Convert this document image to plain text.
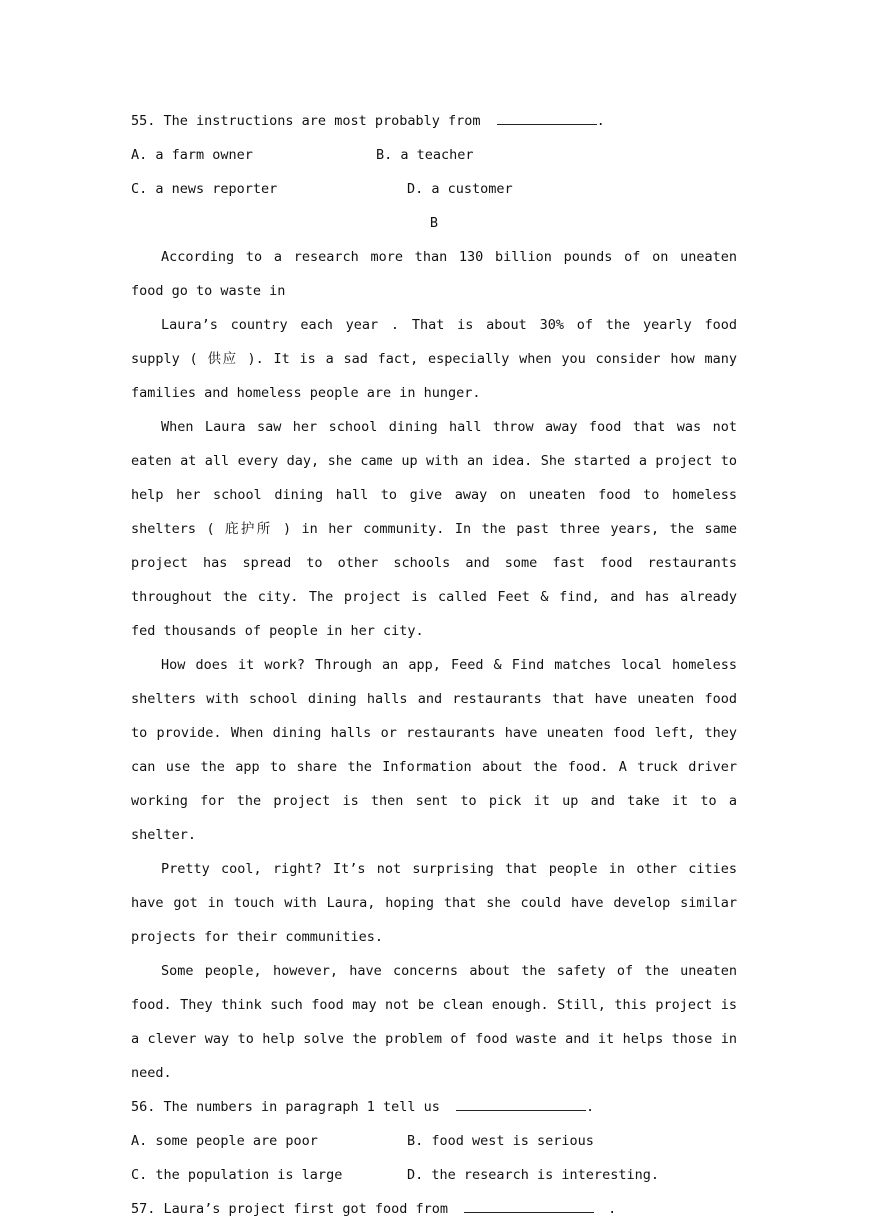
55. The instructions are most probably from	.
A. a farm owner	B. a teacher
C. a news reporter	D. a customer
B
According to a research more than 130 billion pounds of on uneaten food go to waste in
Laura’s country each year . That is about 30% of the yearly food supply ( 供应 ). It is a sad fact, especially when you consider how many families and homeless people are in hunger.
When Laura saw her school dining hall throw away food that was not eaten at all every day, she came up with an idea. She started a project to help her school dining hall to give away on uneaten food to homeless shelters ( 庇护所 ) in her community. In the past three years, the same project has spread to other schools and some fast food restaurants throughout the city. The project is called Feet & find, and has already fed thousands of people in her city.
How does it work? Through an app, Feed & Find matches local homeless shelters with school dining halls and restaurants that have uneaten food to provide. When dining halls or restaurants have uneaten food left, they can use the app to share the Information about the food. A truck driver working for the project is then sent to pick it up and take it to a shelter.
Pretty cool, right? It’s not surprising that people in other cities have got in touch with Laura, hoping that she could have develop similar projects for their communities.
Some people, however, have concerns about the safety of the uneaten food. They think such food may not be clean enough. Still, this project is a clever way to help solve the problem of food waste and it helps those in need.
56. The numbers in paragraph 1 tell us	.
A. some people are poor	B. food west is serious
C. the population is large	D. the research is interesting.
57. Laura’s project first got food from	.
